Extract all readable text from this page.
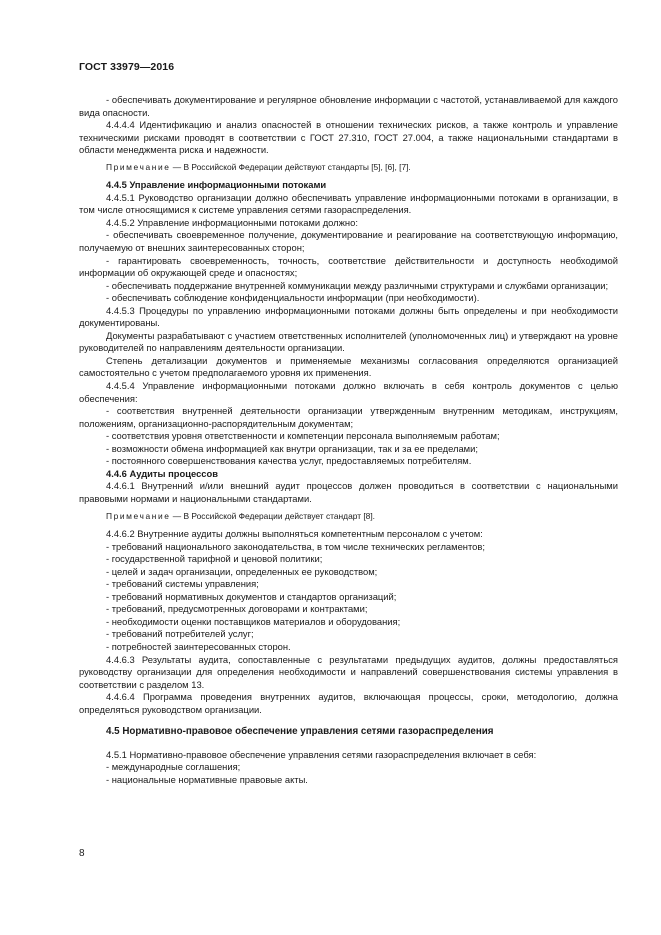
ГОСТ 33979—2016

- обеспечивать документирование и регулярное обновление информации с частотой, устанавливаемой для каждого вида опасности.

4.4.4.4 Идентификацию и анализ опасностей в отношении технических рисков, а также контроль и управление техническими рисками проводят в соответствии с ГОСТ 27.310, ГОСТ 27.004, а также национальными стандартами в области менеджмента риска и надежности.

Примечание — В Российской Федерации действуют стандарты [5], [6], [7].

4.4.5 Управление информационными потоками

4.4.5.1 Руководство организации должно обеспечивать управление информационными потоками в организации, в том числе относящимися к системе управления сетями газораспределения.

4.4.5.2 Управление информационными потоками должно:

- обеспечивать своевременное получение, документирование и реагирование на соответствующую информацию, получаемую от внешних заинтересованных сторон;

- гарантировать своевременность, точность, соответствие действительности и доступность необходимой информации об окружающей среде и опасностях;

- обеспечивать поддержание внутренней коммуникации между различными структурами и службами организации;

- обеспечивать соблюдение конфиденциальности информации (при необходимости).

4.4.5.3 Процедуры по управлению информационными потоками должны быть определены и при необходимости документированы.

Документы разрабатывают с участием ответственных исполнителей (уполномоченных лиц) и утверждают на уровне руководителей по направлениям деятельности организации.

Степень детализации документов и применяемые механизмы согласования определяются организацией самостоятельно с учетом предполагаемого уровня их применения.

4.4.5.4 Управление информационными потоками должно включать в себя контроль документов с целью обеспечения:

- соответствия внутренней деятельности организации утвержденным внутренним методикам, инструкциям, положениям, организационно-распорядительным документам;

- соответствия уровня ответственности и компетенции персонала выполняемым работам;

- возможности обмена информацией как внутри организации, так и за ее пределами;

- постоянного совершенствования качества услуг, предоставляемых потребителям.

4.4.6 Аудиты процессов

4.4.6.1 Внутренний и/или внешний аудит процессов должен проводиться в соответствии с национальными правовыми нормами и национальными стандартами.

Примечание — В Российской Федерации действует стандарт [8].

4.4.6.2 Внутренние аудиты должны выполняться компетентным персоналом с учетом:

- требований национального законодательства, в том числе технических регламентов;

- государственной тарифной и ценовой политики;

- целей и задач организации, определенных ее руководством;

- требований системы управления;

- требований нормативных документов и стандартов организаций;

- требований, предусмотренных договорами и контрактами;

- необходимости оценки поставщиков материалов и оборудования;

- требований потребителей услуг;

- потребностей заинтересованных сторон.

4.4.6.3 Результаты аудита, сопоставленные с результатами предыдущих аудитов, должны предоставляться руководству организации для определения необходимости и направлений совершенствования системы управления в соответствии с разделом 13.

4.4.6.4 Программа проведения внутренних аудитов, включающая процессы, сроки, методологию, должна определяться руководством организации.

4.5 Нормативно-правовое обеспечение управления сетями газораспределения

4.5.1 Нормативно-правовое обеспечение управления сетями газораспределения включает в себя:

- международные соглашения;

- национальные нормативные правовые акты.

8
